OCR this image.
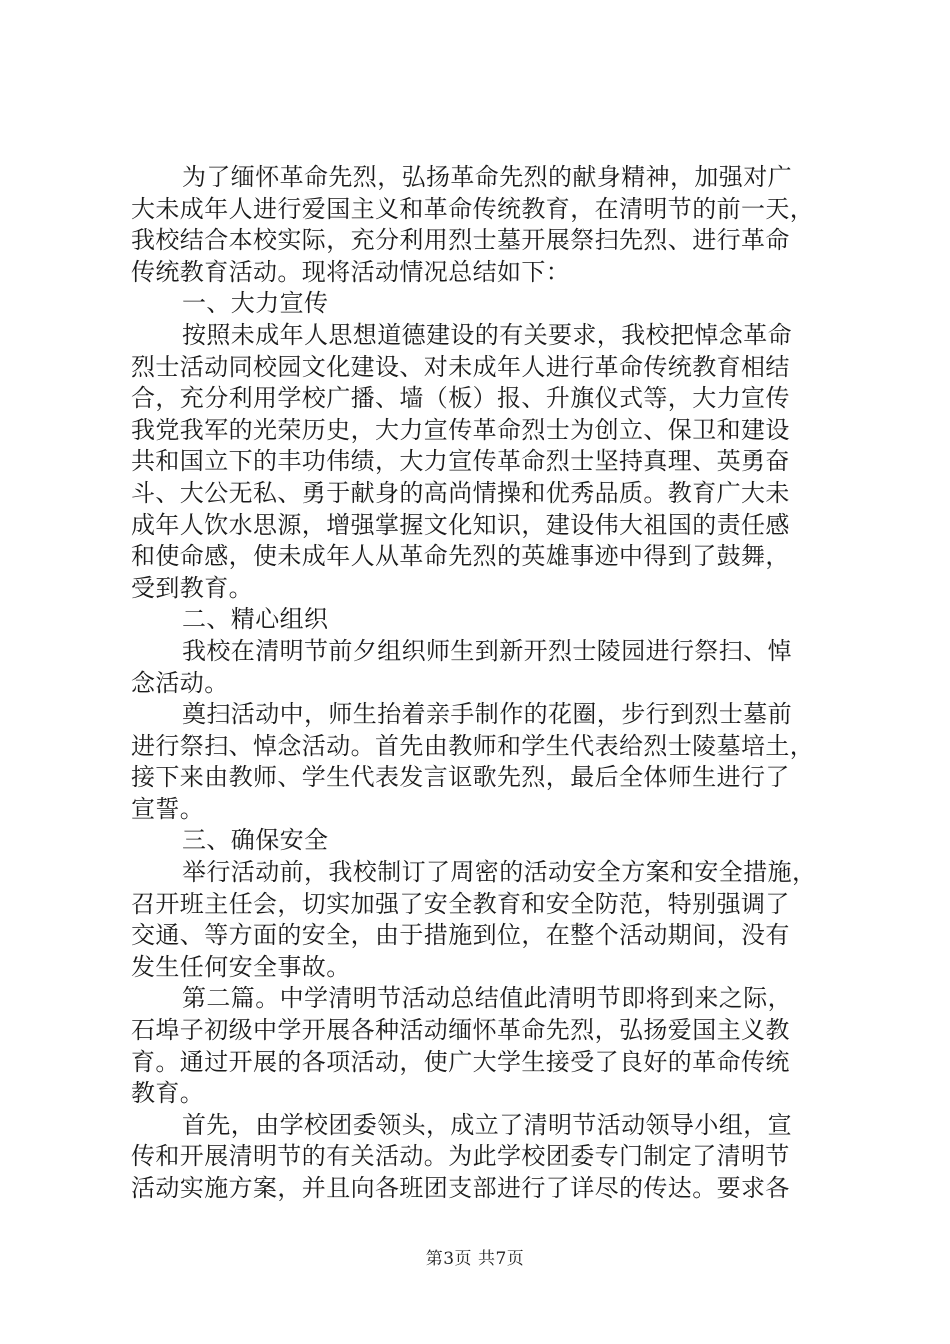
为了缅怀革命先烈，弘扬革命先烈的献身精神，加强对广
大未成年人进行爱国主义和革命传统教育，在清明节的前一天，
我校结合本校实际，充分利用烈士墓开展祭扫先烈、进行革命
传统教育活动。现将活动情况总结如下：
一、大力宣传
按照未成年人思想道德建设的有关要求，我校把悼念革命
烈士活动同校园文化建设、对未成年人进行革命传统教育相结
合，充分利用学校广播、墙（板）报、升旗仪式等，大力宣传
我党我军的光荣历史，大力宣传革命烈士为创立、保卫和建设
共和国立下的丰功伟绩，大力宣传革命烈士坚持真理、英勇奋
斗、大公无私、勇于献身的高尚情操和优秀品质。教育广大未
成年人饮水思源，增强掌握文化知识，建设伟大祖国的责任感
和使命感，使未成年人从革命先烈的英雄事迹中得到了鼓舞，
受到教育。
二、精心组织
我校在清明节前夕组织师生到新开烈士陵园进行祭扫、悼
念活动。
奠扫活动中，师生抬着亲手制作的花圈，步行到烈士墓前
进行祭扫、悼念活动。首先由教师和学生代表给烈士陵墓培土，
接下来由教师、学生代表发言讴歌先烈，最后全体师生进行了
宣誓。
三、确保安全
举行活动前，我校制订了周密的活动安全方案和安全措施，
召开班主任会，切实加强了安全教育和安全防范，特别强调了
交通、等方面的安全，由于措施到位，在整个活动期间，没有
发生任何安全事故。
第二篇。中学清明节活动总结值此清明节即将到来之际，
石埠子初级中学开展各种活动缅怀革命先烈，弘扬爱国主义教
育。通过开展的各项活动，使广大学生接受了良好的革命传统
教育。
首先，由学校团委领头，成立了清明节活动领导小组，宣
传和开展清明节的有关活动。为此学校团委专门制定了清明节
活动实施方案，并且向各班团支部进行了详尽的传达。要求各
第3页 共7页
